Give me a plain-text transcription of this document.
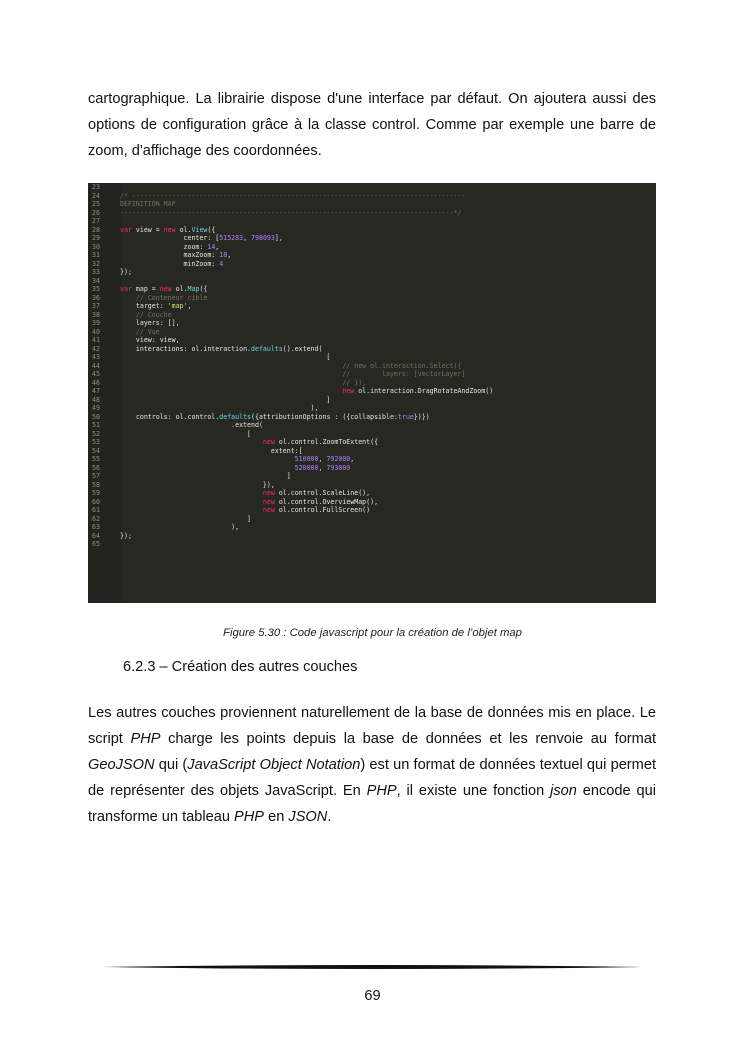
cartographique. La librairie dispose d'une interface par défaut. On ajoutera aussi des options de configuration grâce à la classe control. Comme par exemple une barre de zoom, d'affichage des coordonnées.

23
24	/* ------------------------------------------------------------------------------------
25	DEFINITION MAP
26	------------------------------------------------------------------------------------*/
27
28	var view = new ol.View({
29	center: [515283, 798093],
30	zoom: 14,
31	maxZoom: 18,
32	minZoom: 4
33	});
34
35	var map = new ol.Map({
36	// Conteneur cible
37	target: 'map',
38	// Couche
39	layers: [],
40	// Vue
41	view: view,
42	interactions: ol.interaction.defaults().extend(
43	[
44	// new ol.interaction.Select({
45	//        layers: [vectorLayer]
46	// }),
47	new ol.interaction.DragRotateAndZoom()
48	]
49	),
50	controls: ol.control.defaults({attributionOptions : ({collapsible:true})})
51	.extend(
52	[
53	new ol.control.ZoomToExtent({
54	extent:[
55	510000, 792000,
56	520000, 793000
57	]
58	}),
59	new ol.control.ScaleLine(),
60	new ol.control.OverviewMap(),
61	new ol.control.FullScreen()
62	]
63	),
64	});
65

Figure 5.30 : Code javascript pour la création de l’objet map
6.2.3 – Création des autres couches

Les autres couches proviennent naturellement de la base de données mis en place. Le script PHP charge les points depuis la base de données et les renvoie au format GeoJSON qui (JavaScript Object Notation) est un format de données textuel qui permet de représenter des objets JavaScript. En PHP, il existe une fonction json encode qui transforme un tableau PHP en JSON.

69
